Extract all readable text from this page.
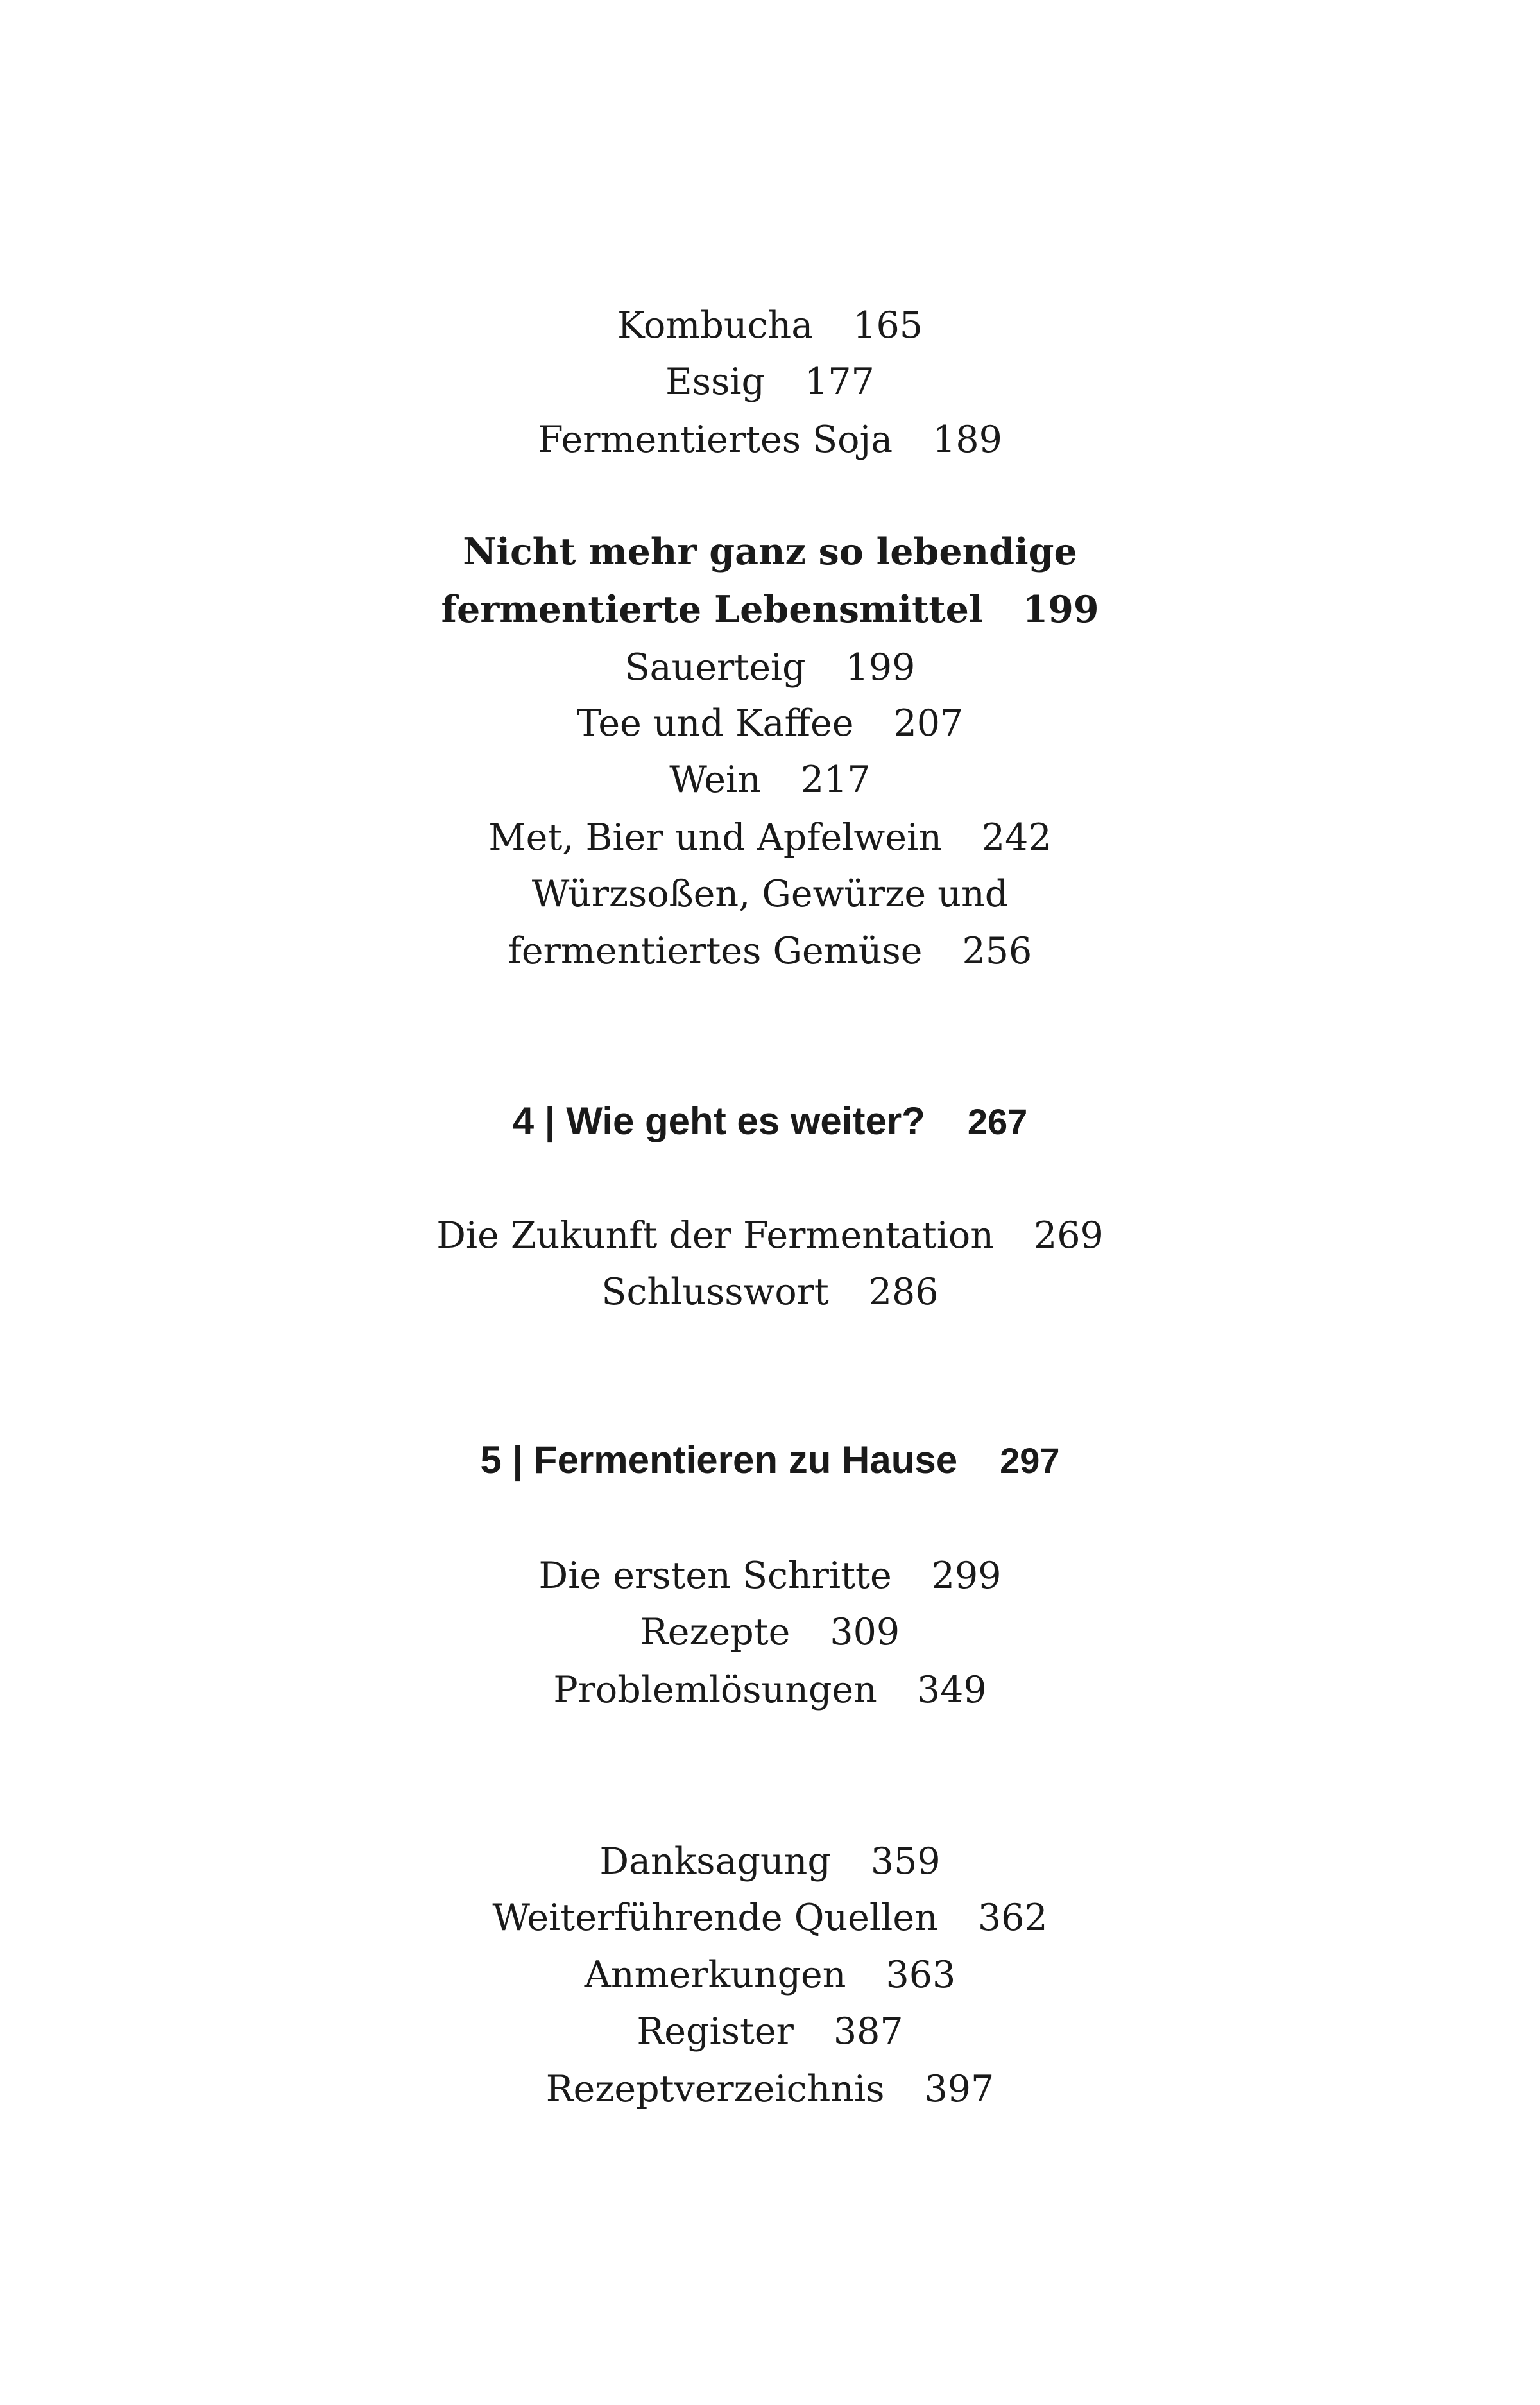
Kombucha 165
Essig 177
Fermentiertes Soja 189
Nicht mehr ganz so lebendige
fermentierte Lebensmittel 199
Sauerteig 199
Tee und Kaffee 207
Wein 217
Met, Bier und Apfelwein 242
Würzsoßen, Gewürze und
fermentiertes Gemüse 256
4 | Wie geht es weiter? 267
Die Zukunft der Fermentation 269
Schlusswort 286
5 | Fermentieren zu Hause 297
Die ersten Schritte 299
Rezepte 309
Problemlösungen 349
Danksagung 359
Weiterführende Quellen 362
Anmerkungen 363
Register 387
Rezeptverzeichnis 397
